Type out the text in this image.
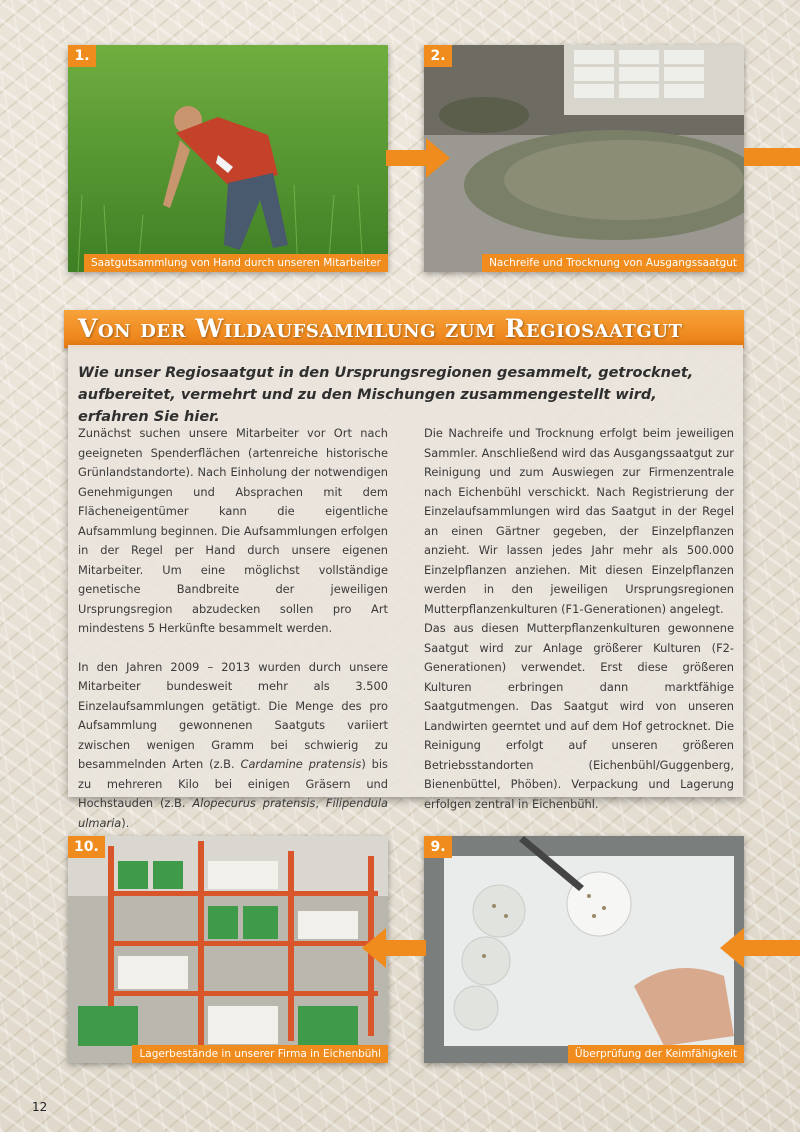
1.
Saatgutsammlung von Hand durch unseren Mitarbeiter
2.
Nachreife und Trocknung von Ausgangssaatgut
Von der Wildaufsammlung zum Regiosaatgut
Wie unser Regiosaatgut in den Ursprungsregionen gesammelt, getrocknet, aufbereitet, vermehrt und zu den Mischungen zusammengestellt wird, erfahren Sie hier.

Zunächst suchen unsere Mitarbeiter vor Ort nach geeigneten Spenderflächen (artenreiche historische Grünlandstandorte). Nach Einholung der notwendigen Genehmigungen und Absprachen mit dem Flächeneigentümer kann die eigentliche Aufsammlung beginnen. Die Aufsammlungen erfolgen in der Regel per Hand durch unsere eigenen Mitarbeiter. Um eine möglichst vollständige genetische Bandbreite der jeweiligen Ursprungsregion abzudecken sollen pro Art mindestens 5 Herkünfte besammelt werden.

In den Jahren 2009 – 2013 wurden durch unsere Mitarbeiter bundesweit mehr als 3.500 Einzelaufsammlungen getätigt. Die Menge des pro Aufsammlung gewonnenen Saatguts variiert zwischen wenigen Gramm bei schwierig zu besammelnden Arten (z.B. Cardamine pratensis) bis zu mehreren Kilo bei einigen Gräsern und Hochstauden (z.B. Alopecurus pratensis, Filipendula ulmaria).

Die Nachreife und Trocknung erfolgt beim jeweiligen Sammler. Anschließend wird das Ausgangssaatgut zur Reinigung und zum Auswiegen zur Firmenzentrale nach Eichenbühl verschickt. Nach Registrierung der Einzelaufsammlungen wird das Saatgut in der Regel an einen Gärtner gegeben, der Einzelpflanzen anzieht. Wir lassen jedes Jahr mehr als 500.000 Einzelpflanzen anziehen. Mit diesen Einzelpflanzen werden in den jeweiligen Ursprungsregionen Mutterpflanzenkulturen (F1-Generationen) angelegt.

Das aus diesen Mutterpflanzenkulturen gewonnene Saatgut wird zur Anlage größerer Kulturen (F2-Generationen) verwendet. Erst diese größeren Kulturen erbringen dann marktfähige Saatgutmengen. Das Saatgut wird von unseren Landwirten geerntet und auf dem Hof getrocknet. Die Reinigung erfolgt auf unseren größeren Betriebsstandorten (Eichenbühl/Guggenberg, Bienenbüttel, Phöben). Verpackung und Lagerung erfolgen zentral in Eichenbühl.

10.
Lagerbestände in unserer Firma in Eichenbühl
9.
Überprüfung der Keimfähigkeit
12
